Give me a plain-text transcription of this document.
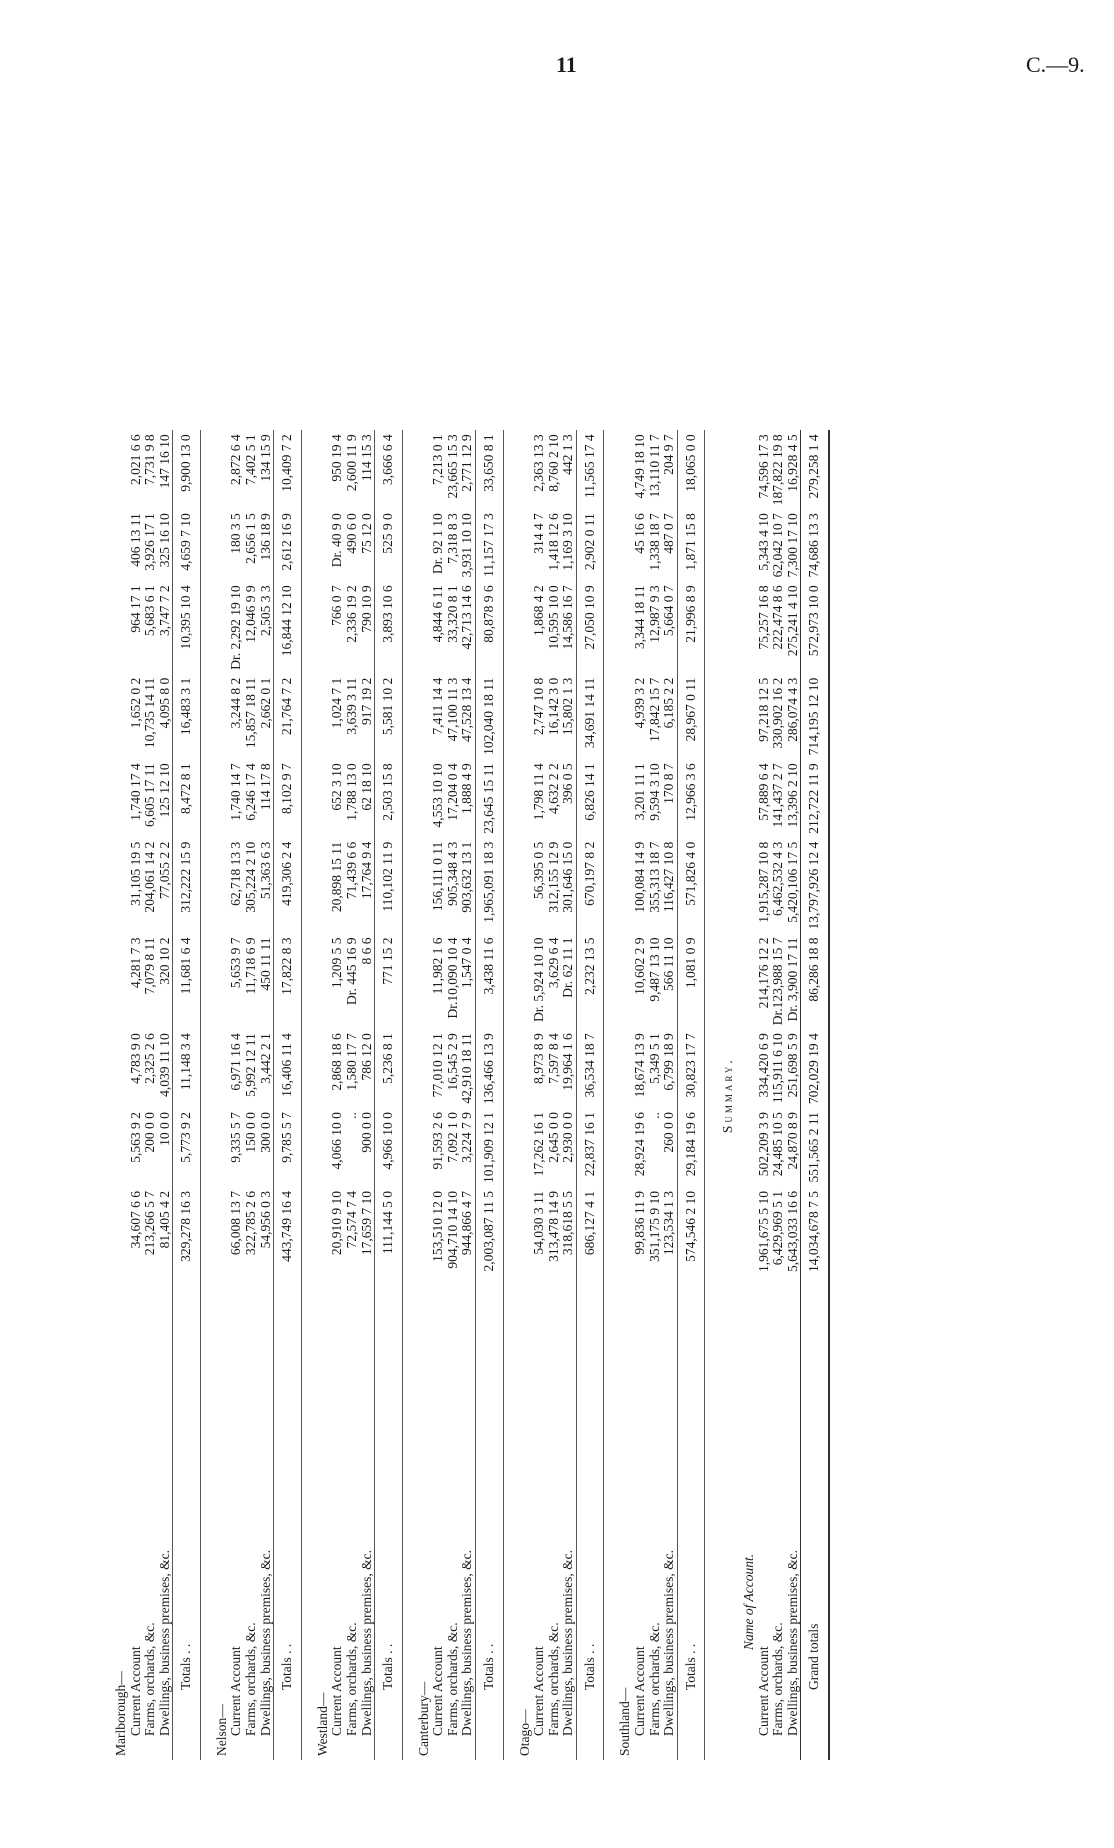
11	C.—9.
Marlborough—										
Current Account	34,607 6 6	5,563 9 2	4,783 9 0	4,281 7 3	31,105 19 5	1,740 17 4	1,652 0 2	964 17 1	406 13 11	2,021 6 6
Farms, orchards, &c.	213,266 5 7	200 0 0	2,325 2 6	7,079 8 11	204,061 14 2	6,605 17 11	10,735 14 11	5,683 6 1	3,926 17 1	7,731 9 8
Dwellings, business premises, &c.	81,405 4 2	10 0 0	4,039 11 10	320 10 2	77,055 2 2	125 12 10	4,095 8 0	3,747 7 2	325 16 10	147 16 10
Totals . .	329,278 16 3	5,773 9 2	11,148 3 4	11,681 6 4	312,222 15 9	8,472 8 1	16,483 3 1	10,395 10 4	4,659 7 10	9,900 13 0
Nelson—										
Current Account	66,008 13 7	9,335 5 7	6,971 16 4	5,653 9 7	62,718 13 3	1,740 14 7	3,244 8 2	Dr. 2,292 19 10	180 3 5	2,872 6 4
Farms, orchards, &c.	322,785 2 6	150 0 0	5,992 12 11	11,718 6 9	305,224 2 10	6,246 17 4	15,857 18 11	12,046 9 9	2,656 1 5	7,402 5 1
Dwellings, business premises, &c.	54,956 0 3	300 0 0	3,442 2 1	450 11 11	51,363 6 3	114 17 8	2,662 0 1	2,505 3 3	136 18 9	134 15 9
Totals . .	443,749 16 4	9,785 5 7	16,406 11 4	17,822 8 3	419,306 2 4	8,102 9 7	21,764 7 2	16,844 12 10	2,612 16 9	10,409 7 2
Westland—										
Current Account	20,910 9 10	4,066 10 0	2,868 18 6	1,209 5 5	20,898 15 11	652 3 10	1,024 7 1	766 0 7	Dr. 40 9 0	950 19 4
Farms, orchards, &c.	72,574 7 4	..	1,580 17 7	Dr. 445 16 9	71,439 6 6	1,788 13 0	3,639 3 11	2,336 19 2	490 6 0	2,600 11 9
Dwellings, business premises, &c.	17,659 7 10	900 0 0	786 12 0	8 6 6	17,764 9 4	62 18 10	917 19 2	790 10 9	75 12 0	114 15 3
Totals . .	111,144 5 0	4,966 10 0	5,236 8 1	771 15 2	110,102 11 9	2,503 15 8	5,581 10 2	3,893 10 6	525 9 0	3,666 6 4
Canterbury—										
Current Account	153,510 12 0	91,593 2 6	77,010 12 1	11,982 1 6	156,111 0 11	4,553 10 10	7,411 14 4	4,844 6 11	Dr. 92 1 10	7,213 0 1
Farms, orchards, &c.	904,710 14 10	7,092 1 0	16,545 2 9	Dr.10,090 10 4	905,348 4 3	17,204 0 4	47,100 11 3	33,320 8 1	7,318 8 3	23,665 15 3
Dwellings, business premises, &c.	944,866 4 7	3,224 7 9	42,910 18 11	1,547 0 4	903,632 13 1	1,888 4 9	47,528 13 4	42,713 14 6	3,931 10 10	2,771 12 9
Totals . .	2,003,087 11 5	101,909 12 1	136,466 13 9	3,438 11 6	1,965,091 18 3	23,645 15 11	102,040 18 11	80,878 9 6	11,157 17 3	33,650 8 1
Otago—										
Current Account	54,030 3 11	17,262 16 1	8,973 8 9	Dr. 5,924 10 10	56,395 0 5	1,798 11 4	2,747 10 8	1,868 4 2	314 4 7	2,363 13 3
Farms, orchards, &c.	313,478 14 9	2,645 0 0	7,597 8 4	3,629 6 4	312,155 12 9	4,632 2 2	16,142 3 0	10,595 10 0	1,418 12 6	8,760 2 10
Dwellings, business premises, &c.	318,618 5 5	2,930 0 0	19,964 1 6	Dr. 62 11 1	301,646 15 0	396 0 5	15,802 1 3	14,586 16 7	1,169 3 10	442 1 3
Totals . .	686,127 4 1	22,837 16 1	36,534 18 7	2,232 13 5	670,197 8 2	6,826 14 1	34,691 14 11	27,050 10 9	2,902 0 11	11,565 17 4
Southland—										
Current Account	99,836 11 9	28,924 19 6	18,674 13 9	10,602 2 9	100,084 14 9	3,201 11 1	4,939 3 2	3,344 18 11	45 16 6	4,749 18 10
Farms, orchards, &c.	351,175 9 10	..	5,349 5 1	9,487 13 10	355,313 18 7	9,594 3 10	17,842 15 7	12,987 9 3	1,338 18 7	13,110 11 7
Dwellings, business premises, &c.	123,534 1 3	260 0 0	6,799 18 9	566 11 10	116,427 10 8	170 8 7	6,185 2 2	5,664 0 7	487 0 7	204 9 7
Totals . .	574,546 2 10	29,184 19 6	30,823 17 7	1,081 0 9	571,826 4 0	12,966 3 6	28,967 0 11	21,996 8 9	1,871 15 8	18,065 0 0
Summary.										
Name of Account.										
Current Account	1,961,675 5 10	502,209 3 9	334,420 6 9	214,176 12 2	1,915,287 10 8	57,889 6 4	97,218 12 5	75,257 16 8	5,343 4 10	74,596 17 3
Farms, orchards, &c.	6,429,969 5 1	24,485 10 5	115,911 6 10	Dr.123,988 15 7	6,462,532 4 3	141,437 2 7	330,902 16 2	222,474 8 6	62,042 10 7	187,822 19 8
Dwellings, business premises, &c.	5,643,033 16 6	24,870 8 9	251,698 5 9	Dr. 3,900 17 11	5,420,106 17 5	13,396 2 10	286,074 4 3	275,241 4 10	7,300 17 10	16,928 4 5
Grand totals	14,034,678 7 5	551,565 2 11	702,029 19 4	86,286 18 8	13,797,926 12 4	212,722 11 9	714,195 12 10	572,973 10 0	74,686 13 3	279,258 1 4
